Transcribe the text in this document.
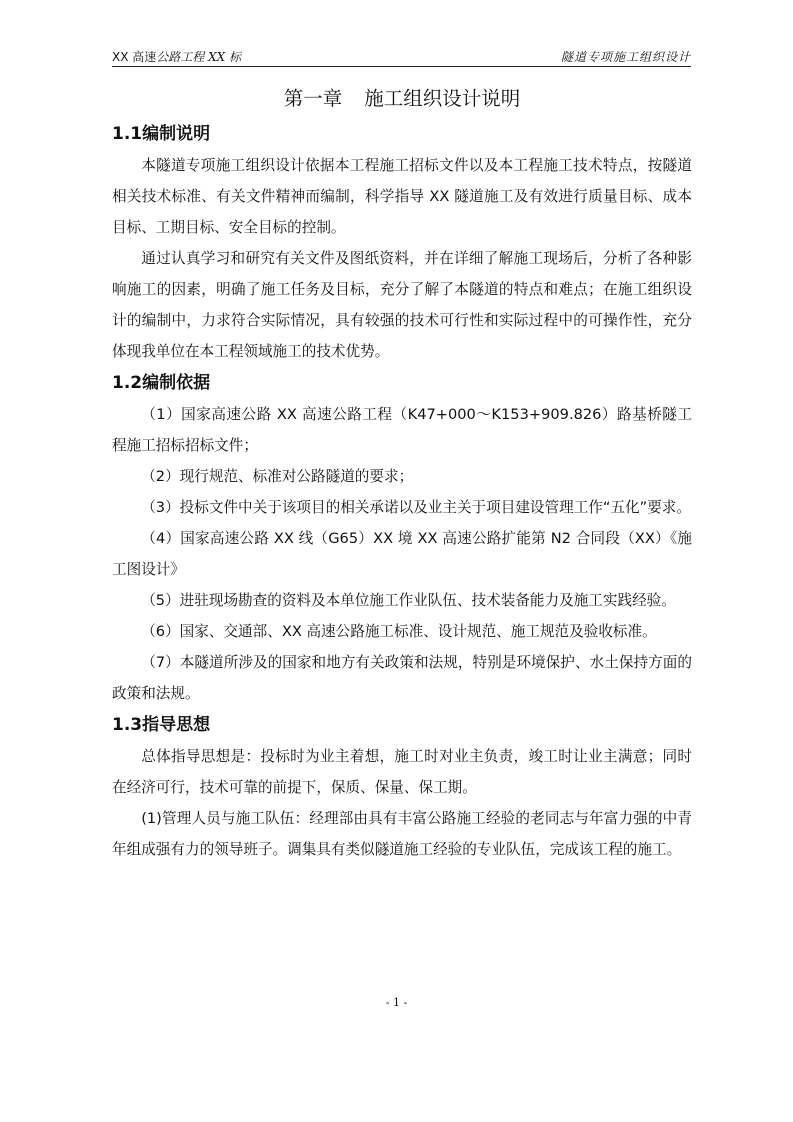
XX 高速公路工程 XX 标	隧道专项施工组织设计
第一章 施工组织设计说明
1.1编制说明

本隧道专项施工组织设计依据本工程施工招标文件以及本工程施工技术特点，按隧道相关技术标准、有关文件精神而编制，科学指导 XX 隧道施工及有效进行质量目标、成本目标、工期目标、安全目标的控制。

通过认真学习和研究有关文件及图纸资料，并在详细了解施工现场后，分析了各种影响施工的因素，明确了施工任务及目标，充分了解了本隧道的特点和难点；在施工组织设计的编制中，力求符合实际情况，具有较强的技术可行性和实际过程中的可操作性，充分体现我单位在本工程领域施工的技术优势。

1.2编制依据

（1）国家高速公路 XX 高速公路工程（K47+000～K153+909.826）路基桥隧工程施工招标招标文件；

（2）现行规范、标准对公路隧道的要求；

（3）投标文件中关于该项目的相关承诺以及业主关于项目建设管理工作“五化”要求。

（4）国家高速公路 XX 线（G65）XX 境 XX 高速公路扩能第 N2 合同段（XX）《施工图设计》

（5）进驻现场勘查的资料及本单位施工作业队伍、技术装备能力及施工实践经验。

（6）国家、交通部、XX 高速公路施工标准、设计规范、施工规范及验收标准。

（7）本隧道所涉及的国家和地方有关政策和法规，特别是环境保护、水土保持方面的政策和法规。

1.3指导思想

总体指导思想是：投标时为业主着想，施工时对业主负责，竣工时让业主满意；同时在经济可行，技术可靠的前提下，保质、保量、保工期。

(1)管理人员与施工队伍：经理部由具有丰富公路施工经验的老同志与年富力强的中青年组成强有力的领导班子。调集具有类似隧道施工经验的专业队伍，完成该工程的施工。

- 1 -
